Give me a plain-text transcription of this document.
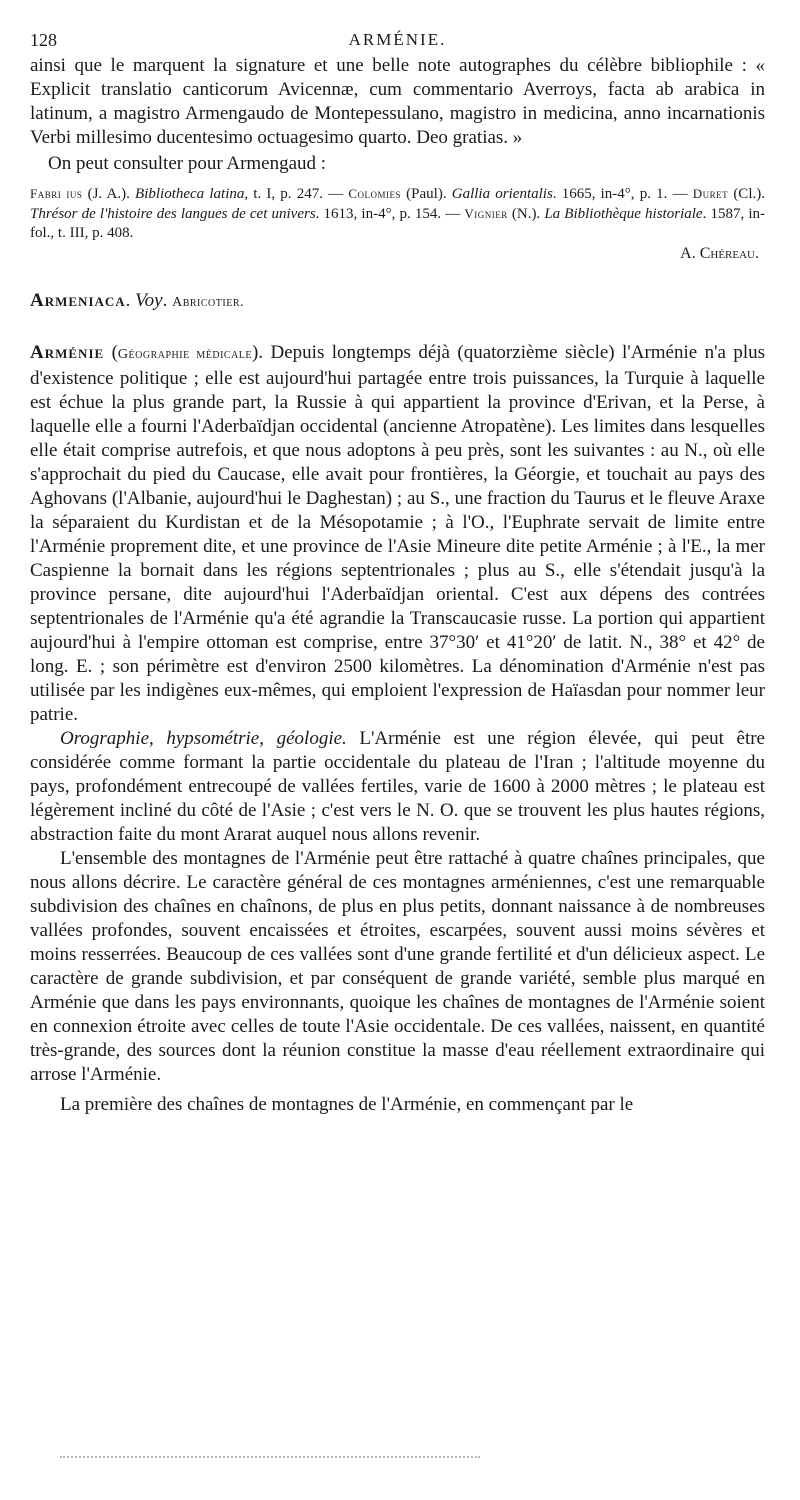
128	ARMÉNIE.

ainsi que le marquent la signature et une belle note autographes du célèbre bibliophile : « Explicit translatio canticorum Avicennæ, cum commentario Averroys, facta ab arabica in latinum, a magistro Armengaudo de Montepessulano, magistro in medicina, anno incarnationis Verbi millesimo ducentesimo octuagesimo quarto. Deo gratias. »

On peut consulter pour Armengaud :

Fabri ius (J. A.). Bibliotheca latina, t. I, p. 247. — Colomies (Paul). Gallia orientalis. 1665, in-4°, p. 1. — Duret (Cl.). Thrésor de l'histoire des langues de cet univers. 1613, in-4°, p. 154. — Vignier (N.). La Bibliothèque historiale. 1587, in-fol., t. III, p. 408.

A. Chéreau.

Armeniaca. Voy. Abricotier.

Arménie (Géographie médicale). Depuis longtemps déjà (quatorzième siècle) l'Arménie n'a plus d'existence politique ; elle est aujourd'hui partagée entre trois puissances, la Turquie à laquelle est échue la plus grande part, la Russie à qui appartient la province d'Erivan, et la Perse, à laquelle elle a fourni l'Aderbaïdjan occidental (ancienne Atropatène). Les limites dans lesquelles elle était comprise autrefois, et que nous adoptons à peu près, sont les suivantes : au N., où elle s'approchait du pied du Caucase, elle avait pour frontières, la Géorgie, et touchait au pays des Aghovans (l'Albanie, aujourd'hui le Daghestan) ; au S., une fraction du Taurus et le fleuve Araxe la séparaient du Kurdistan et de la Mésopotamie ; à l'O., l'Euphrate servait de limite entre l'Arménie proprement dite, et une province de l'Asie Mineure dite petite Arménie ; à l'E., la mer Caspienne la bornait dans les régions septentrionales ; plus au S., elle s'étendait jusqu'à la province persane, dite aujourd'hui l'Aderbaïdjan oriental. C'est aux dépens des contrées septentrionales de l'Arménie qu'a été agrandie la Transcaucasie russe. La portion qui appartient aujourd'hui à l'empire ottoman est comprise, entre 37°30′ et 41°20′ de latit. N., 38° et 42° de long. E. ; son périmètre est d'environ 2500 kilomètres. La dénomination d'Arménie n'est pas utilisée par les indigènes eux-mêmes, qui emploient l'expression de Haïasdan pour nommer leur patrie.

Orographie, hypsométrie, géologie. L'Arménie est une région élevée, qui peut être considérée comme formant la partie occidentale du plateau de l'Iran ; l'altitude moyenne du pays, profondément entrecoupé de vallées fertiles, varie de 1600 à 2000 mètres ; le plateau est légèrement incliné du côté de l'Asie ; c'est vers le N. O. que se trouvent les plus hautes régions, abstraction faite du mont Ararat auquel nous allons revenir.

L'ensemble des montagnes de l'Arménie peut être rattaché à quatre chaînes principales, que nous allons décrire. Le caractère général de ces montagnes arméniennes, c'est une remarquable subdivision des chaînes en chaînons, de plus en plus petits, donnant naissance à de nombreuses vallées profondes, souvent encaissées et étroites, escarpées, souvent aussi moins sévères et moins resserrées. Beaucoup de ces vallées sont d'une grande fertilité et d'un délicieux aspect. Le caractère de grande subdivision, et par conséquent de grande variété, semble plus marqué en Arménie que dans les pays environnants, quoique les chaînes de montagnes de l'Arménie soient en connexion étroite avec celles de toute l'Asie occidentale. De ces vallées, naissent, en quantité très-grande, des sources dont la réunion constitue la masse d'eau réellement extraordinaire qui arrose l'Arménie.

La première des chaînes de montagnes de l'Arménie, en commençant par le
